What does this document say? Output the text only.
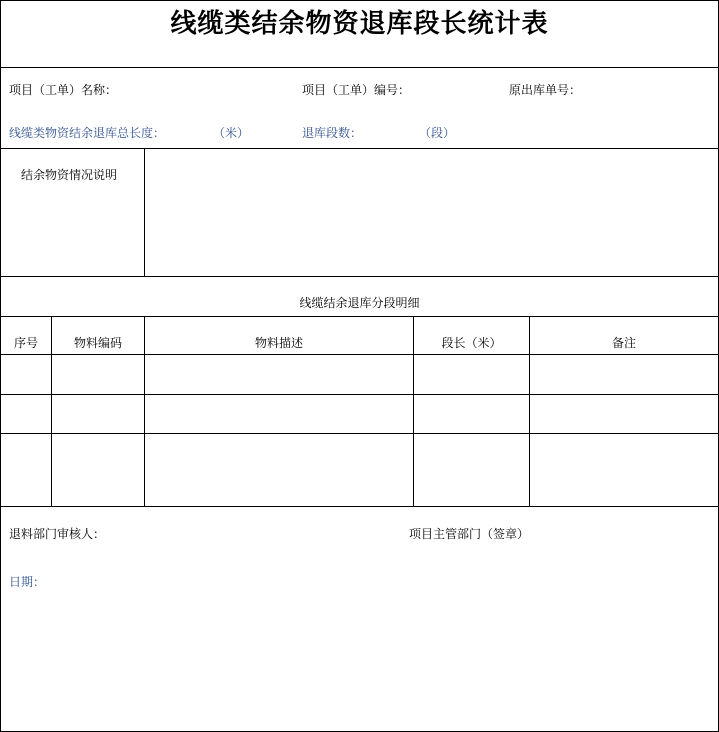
线缆类结余物资退库段长统计表
项目（工单）名称：	项目（工单）编号：	原出库单号：
线缆类物资结余退库总长度：	（米）	退库段数：	（段）
结余物资情况说明
线缆结余退库分段明细
序号	物料编码	物料描述	段长（米）	备注
退料部门审核人：	项目主管部门（签章）
日期：
